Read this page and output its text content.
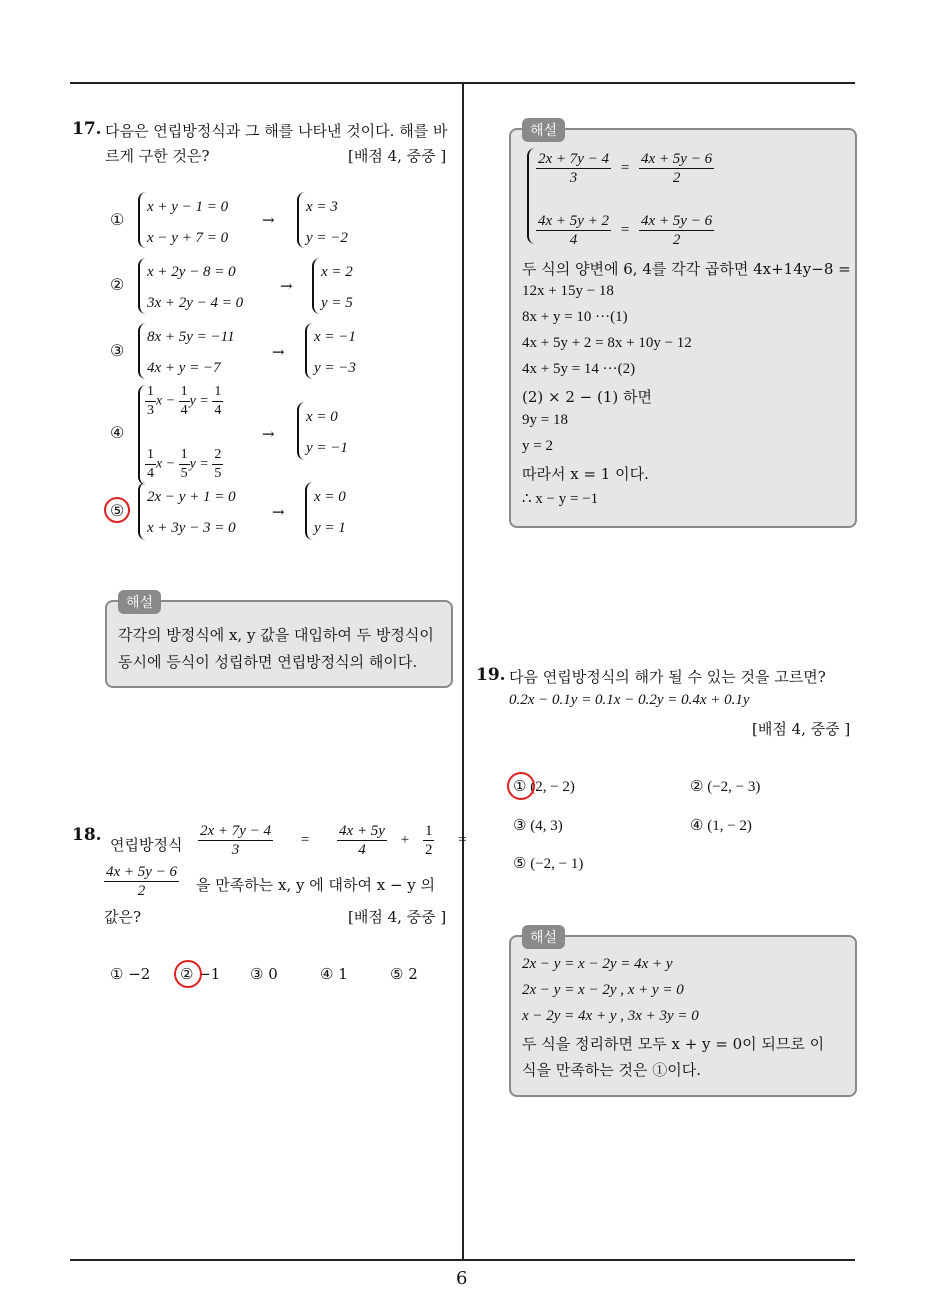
6
17. 다음은 연립방정식과 그 해를 나타낸 것이다. 해를 바
르게 구한 것은?	[배점 4, 중중 ]
①
x + y − 1 = 0
x − y + 7 = 0
→
x = 3
y = −2
②
x + 2y − 8 = 0
3x + 2y − 4 = 0
→
x = 2
y = 5
③
8x + 5y = −11
4x + y = −7
→
x = −1
y = −3
④
$\frac{1}{3}$ $x - \frac{1}{4}$ $y = \frac{1}{4}$
$\frac{1}{4}$ $x - \frac{1}{5}$ $y = \frac{2}{5}$
→
x = 0
y = −1
⑤
2x − y + 1 = 0
x + 3y − 3 = 0
→
x = 0
y = 1
해설
각각의 방정식에 x, y 값을 대입하여 두 방정식이
동시에 등식이 성립하면 연립방정식의 해이다.
18. 연립방정식 $\frac{2x + 7y - 4}{3} = \frac{4x + 5y}{4} + \frac{1}{2}$ =
$\frac{4x + 5y - 6}{2}$ 을 만족하는 x, y 에 대하여 x − y 의
값은?	[배점 4, 중중 ]
① −2 ② −1 ③ 0	④ 1	⑤ 2
해설
$\frac{2x + 7y - 4}{3} = \frac{4x + 5y - 6}{2}$
$\frac{4x + 5y + 2}{4} = \frac{4x + 5y - 6}{2}$
두 식의 양변에 6, 4를 각각 곱하면 4x+14y−8 =
12x + 15y − 18
8x + y = 10 ···(1)
4x + 5y + 2 = 8x + 10y − 12
4x + 5y = 14 ···(2)
(2) × 2 − (1) 하면
9y = 18
y = 2
따라서 x = 1 이다.
∴ x − y = −1
19. 다음 연립방정식의 해가 될 수 있는 것을 고르면?
0.2x − 0.1y = 0.1x − 0.2y = 0.4x + 0.1y
[배점 4, 중중 ]
① (2, − 2)	② (−2, − 3)
③ (4, 3)	④ (1, − 2)
⑤ (−2, − 1)
해설
2x − y = x − 2y = 4x + y
2x − y = x − 2y , x + y = 0
x − 2y = 4x + y , 3x + 3y = 0
두 식을 정리하면 모두 x + y = 0이 되므로 이
식을 만족하는 것은 ①이다.
